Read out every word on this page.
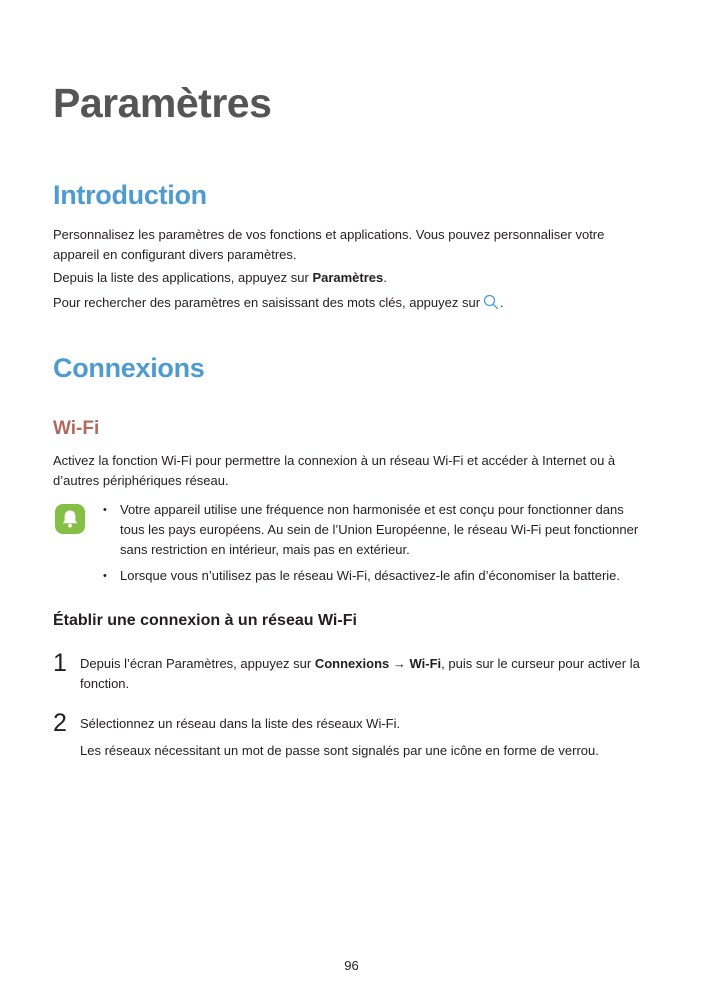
Paramètres
Introduction

Personnalisez les paramètres de vos fonctions et applications. Vous pouvez personnaliser votre appareil en configurant divers paramètres.

Depuis la liste des applications, appuyez sur Paramètres.

Pour rechercher des paramètres en saisissant des mots clés, appuyez sur .

Connexions
Wi-Fi

Activez la fonction Wi-Fi pour permettre la connexion à un réseau Wi-Fi et accéder à Internet ou à d’autres périphériques réseau.

• Votre appareil utilise une fréquence non harmonisée et est conçu pour fonctionner dans tous les pays européens. Au sein de l’Union Européenne, le réseau Wi-Fi peut fonctionner sans restriction en intérieur, mais pas en extérieur.
• Lorsque vous n’utilisez pas le réseau Wi-Fi, désactivez-le afin d’économiser la batterie.
Établir une connexion à un réseau Wi-Fi
1 Depuis l’écran Paramètres, appuyez sur Connexions → Wi-Fi, puis sur le curseur pour activer la fonction.

2 Sélectionnez un réseau dans la liste des réseaux Wi-Fi.

Les réseaux nécessitant un mot de passe sont signalés par une icône en forme de verrou.

96
